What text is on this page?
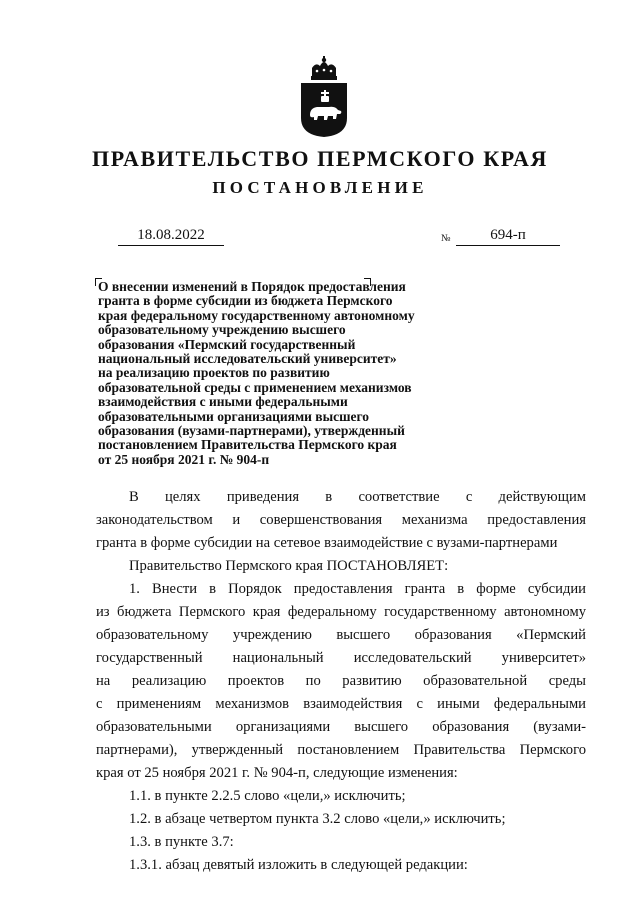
ПРАВИТЕЛЬСТВО ПЕРМСКОГО КРАЯ
ПОСТАНОВЛЕНИЕ
18.08.2022	№	694-п
О внесении изменений в Порядок предоставления
гранта в форме субсидии из бюджета Пермского
края федеральному государственному автономному
образовательному учреждению высшего
образования «Пермский государственный
национальный исследовательский университет»
на реализацию проектов по развитию
образовательной среды с применением механизмов
взаимодействия с иными федеральными
образовательными организациями высшего
образования (вузами-партнерами), утвержденный
постановлением Правительства Пермского края
от 25 ноября 2021 г. № 904-п
В целях приведения в соответствие с действующим
законодательством и совершенствования механизма предоставления
гранта в форме субсидии на сетевое взаимодействие с вузами-партнерами
Правительство Пермского края ПОСТАНОВЛЯЕТ:
1. Внести в Порядок предоставления гранта в форме субсидии
из бюджета Пермского края федеральному государственному автономному
образовательному учреждению высшего образования «Пермский
государственный национальный исследовательский университет»
на реализацию проектов по развитию образовательной среды
с применениям механизмов взаимодействия с иными федеральными
образовательными организациями высшего образования (вузами-
партнерами), утвержденный постановлением Правительства Пермского
края от 25 ноября 2021 г. № 904-п, следующие изменения:
1.1. в пункте 2.2.5 слово «цели,» исключить;
1.2. в абзаце четвертом пункта 3.2 слово «цели,» исключить;
1.3. в пункте 3.7:
1.3.1. абзац девятый изложить в следующей редакции:
